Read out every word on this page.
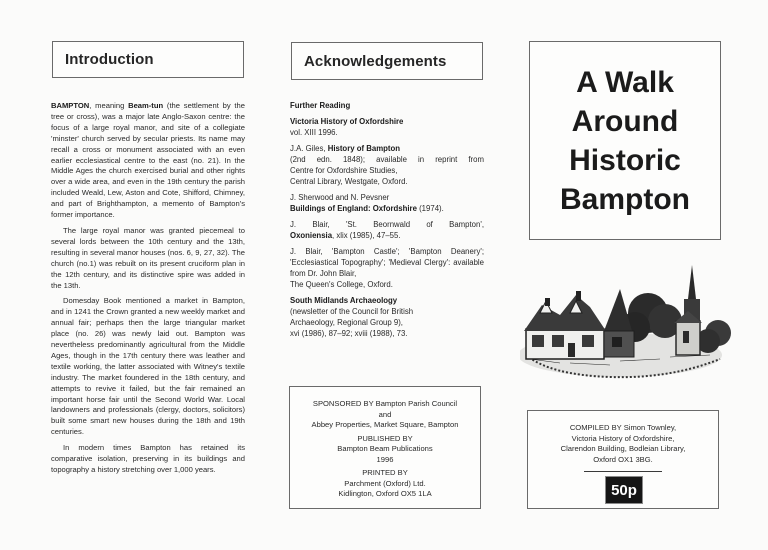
Introduction

BAMPTON, meaning Beam-tun (the settlement by the tree or cross), was a major late Anglo-Saxon centre: the focus of a large royal manor, and site of a collegiate 'minster' church served by secular priests. Its name may recall a cross or monument associated with an even earlier ecclesiastical centre to the east (no. 21). In the Middle Ages the church exercised burial and other rights over a wide area, and even in the 19th century the parish included Weald, Lew, Aston and Cote, Shifford, Chimney, and part of Brighthampton, a memento of Bampton's former importance.

The large royal manor was granted piecemeal to several lords between the 10th century and the 13th, resulting in several manor houses (nos. 6, 9, 27, 32). The church (no.1) was rebuilt on its present cruciform plan in the 12th century, and its distinctive spire was added in the 13th.

Domesday Book mentioned a market in Bampton, and in 1241 the Crown granted a new weekly market and annual fair; perhaps then the large triangular market place (no. 26) was newly laid out. Bampton was nevertheless predominantly agricultural from the Middle Ages, though in the 17th century there was leather and textile working, the latter associated with Witney's textile industry. The market foundered in the 18th century, and attempts to revive it failed, but the fair remained an important horse fair until the Second World War. Local landowners and professionals (clergy, doctors, solicitors) built some smart new houses during the 18th and 19th centuries.

In modern times Bampton has retained its comparative isolation, preserving in its buildings and topography a history stretching over 1,000 years.

Acknowledgements
Further Reading
Victoria History of Oxfordshire
vol. XIII 1996.
J.A. Giles, History of Bampton
(2nd edn. 1848); available in reprint from
Centre for Oxfordshire Studies,
Central Library, Westgate, Oxford.
J. Sherwood and N. Pevsner
Buildings of England: Oxfordshire (1974).
J. Blair, 'St. Beornwald of Bampton',
Oxoniensia, xlix (1985), 47–55.
J. Blair, 'Bampton Castle'; 'Bampton Deanery'; 'Ecclesiastical Topography'; 'Medieval Clergy': available from Dr. John Blair,
The Queen's College, Oxford.
South Midlands Archaeology
(newsletter of the Council for British
Archaeology, Regional Group 9),
xvi (1986), 87–92; xviii (1988), 73.
SPONSORED BY Bampton Parish Council
and
Abbey Properties, Market Square, Bampton
PUBLISHED BY
Bampton Beam Publications
1996
PRINTED BY
Parchment (Oxford) Ltd.
Kidlington, Oxford OX5 1LA
A Walk
Around
Historic
Bampton
COMPILED BY Simon Townley,
Victoria History of Oxfordshire,
Clarendon Building, Bodleian Library,
Oxford OX1 3BG.
50p
